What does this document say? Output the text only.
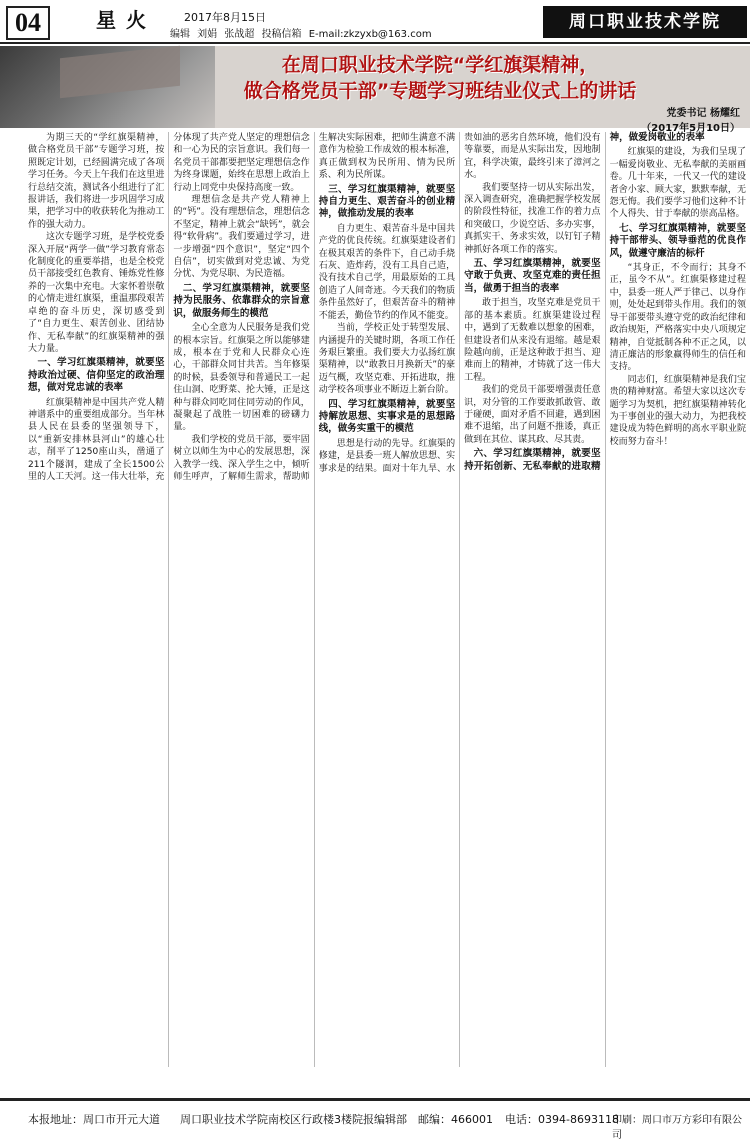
04	星火	2017年8月15日
编辑 刘娟 张战超 投稿信箱 E-mail:zkzyxb@163.com
周口职业技术学院
在周口职业技术学院“学红旗渠精神，
做合格党员干部”专题学习班结业仪式上的讲话
党委书记 杨耀红
（2017年5月10日）

为期三天的“学红旗渠精神，做合格党员干部”专题学习班，按照既定计划，已经圆满完成了各项学习任务。今天上午我们在这里进行总结交流，测试各小组进行了汇报讲话，我们将进一步巩固学习成果，把学习中的收获转化为推动工作的强大动力。

这次专题学习班，是学校党委深入开展“两学一做”学习教育常态化制度化的重要举措，也是全校党员干部接受红色教育、锤炼党性修养的一次集中充电。大家怀着崇敬的心情走进红旗渠，重温那段艰苦卓绝的奋斗历史，深切感受到了“自力更生、艰苦创业、团结协作、无私奉献”的红旗渠精神的强大力量。

一、学习红旗渠精神，就要坚持政治过硬、信仰坚定的政治理想，做对党忠诚的表率

红旗渠精神是中国共产党人精神谱系中的重要组成部分。当年林县人民在县委的坚强领导下，以“重新安排林县河山”的雄心壮志，削平了1250座山头，凿通了211个隧洞，建成了全长1500公里的人工天河。这一伟大壮举，充分体现了共产党人坚定的理想信念和一心为民的宗旨意识。我们每一名党员干部都要把坚定理想信念作为终身课题，始终在思想上政治上行动上同党中央保持高度一致。

理想信念是共产党人精神上的“钙”。没有理想信念，理想信念不坚定，精神上就会“缺钙”，就会得“软骨病”。我们要通过学习，进一步增强“四个意识”，坚定“四个自信”，切实做到对党忠诚、为党分忧、为党尽职、为民造福。

二、学习红旗渠精神，就要坚持为民服务、依靠群众的宗旨意识，做服务师生的模范

全心全意为人民服务是我们党的根本宗旨。红旗渠之所以能够建成，根本在于党和人民群众心连心，干部群众同甘共苦。当年修渠的时候，县委领导和普通民工一起住山洞、吃野菜、抡大锤，正是这种与群众同吃同住同劳动的作风，凝聚起了战胜一切困难的磅礴力量。

我们学校的党员干部，要牢固树立以师生为中心的发展思想，深入教学一线、深入学生之中，倾听师生呼声，了解师生需求，帮助师生解决实际困难，把师生满意不满意作为检验工作成效的根本标准，真正做到权为民所用、情为民所系、利为民所谋。

三、学习红旗渠精神，就要坚持自力更生、艰苦奋斗的创业精神，做推动发展的表率

自力更生、艰苦奋斗是中国共产党的优良传统。红旗渠建设者们在极其艰苦的条件下，自己动手烧石灰、造炸药，没有工具自己造，没有技术自己学，用最原始的工具创造了人间奇迹。今天我们的物质条件虽然好了，但艰苦奋斗的精神不能丢，勤俭节约的作风不能变。

当前，学校正处于转型发展、内涵提升的关键时期，各项工作任务艰巨繁重。我们要大力弘扬红旗渠精神，以“敢教日月换新天”的豪迈气概，攻坚克难、开拓进取，推动学校各项事业不断迈上新台阶。

四、学习红旗渠精神，就要坚持解放思想、实事求是的思想路线，做务实重干的模范

思想是行动的先导。红旗渠的修建，是县委一班人解放思想、实事求是的结果。面对十年九旱、水贵如油的恶劣自然环境，他们没有等靠要，而是从实际出发，因地制宜，科学决策，最终引来了漳河之水。

我们要坚持一切从实际出发，深入调查研究，准确把握学校发展的阶段性特征，找准工作的着力点和突破口，少说空话、多办实事，真抓实干、务求实效，以钉钉子精神抓好各项工作的落实。

五、学习红旗渠精神，就要坚守敢于负责、攻坚克难的责任担当，做勇于担当的表率

敢于担当，攻坚克难是党员干部的基本素质。红旗渠建设过程中，遇到了无数难以想象的困难，但建设者们从来没有退缩。越是艰险越向前，正是这种敢于担当、迎难而上的精神，才铸就了这一伟大工程。

我们的党员干部要增强责任意识，对分管的工作要敢抓敢管、敢于碰硬，面对矛盾不回避，遇到困难不退缩，出了问题不推诿，真正做到在其位、谋其政、尽其责。

六、学习红旗渠精神，就要坚持开拓创新、无私奉献的进取精神，做爱岗敬业的表率

红旗渠的建设，为我们呈现了一幅爱岗敬业、无私奉献的美丽画卷。几十年来，一代又一代的建设者舍小家、顾大家，默默奉献，无怨无悔。我们要学习他们这种不计个人得失、甘于奉献的崇高品格。

七、学习红旗渠精神，就要坚持干部带头、领导垂范的优良作风，做遵守廉洁的标杆

“其身正，不令而行；其身不正，虽令不从”。红旗渠修建过程中，县委一班人严于律己、以身作则，处处起到带头作用。我们的领导干部要带头遵守党的政治纪律和政治规矩，严格落实中央八项规定精神，自觉抵制各种不正之风，以清正廉洁的形象赢得师生的信任和支持。

同志们，红旗渠精神是我们宝贵的精神财富。希望大家以这次专题学习为契机，把红旗渠精神转化为干事创业的强大动力，为把我校建设成为特色鲜明的高水平职业院校而努力奋斗！

本报地址：周口市开元大道 周口职业技术学院南校区行政楼3楼院报编辑部 邮编：466001 电话：0394-8693118
印刷：周口市万方彩印有限公司
